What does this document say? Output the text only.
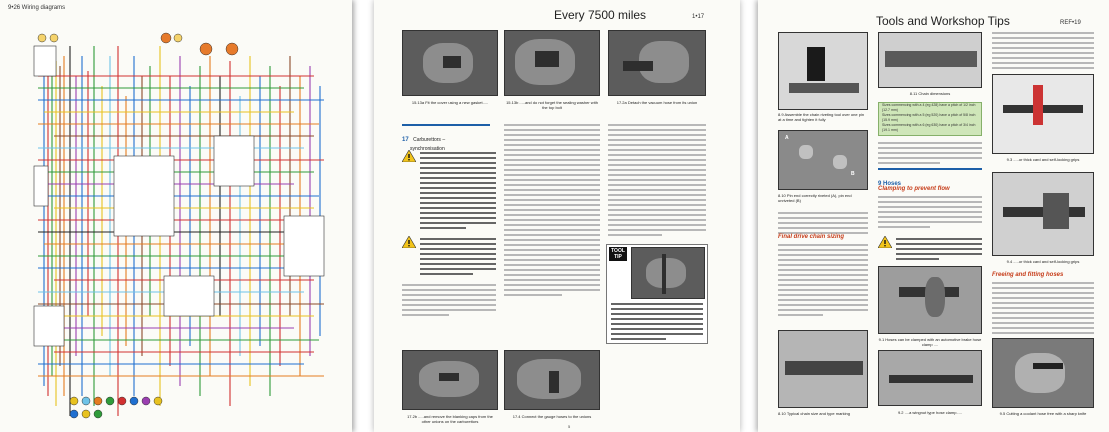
9•26 Wiring diagrams	Every 7500 miles	1•17
15.13a Fit the cover using a new gasket.....	15.13b .....and do not forget the sealing washer with the top bolt
17.2a Detach the vacuum hose from its union
17 Carburettors –
synchronisation
TOOL
TIP
17.2b .....and remove the blanking caps from the other unions on the carburettors
17.4 Connect the gauge hoses to the unions
5
Tools and Workshop Tips	REF•19
8.9 Assemble the chain riveting tool over one pin at a time and tighten it fully
A
B
8.10 Pin end correctly riveted (A), pin end unriveted (B)
Final drive chain sizing
8.10 Typical chain size and type marking
8.11 Chain dimensions
Sizes commencing with a 4 (eg 428) have a pitch of 1/2 inch (12.7 mm)
Sizes commencing with a 5 (eg 520) have a pitch of 5/8 inch (15.9 mm)
Sizes commencing with a 6 (eg 630) have a pitch of 3/4 inch (19.1 mm)
9 Hoses
Clamping to prevent flow
9.1 Hoses can be clamped with an automotive brake hose clamp ....
9.2 ....a wingnut type hose clamp.....
9.3 .....or thick card and self-locking grips
9.4 .....or thick card and self-locking grips
Freeing and fitting hoses
9.5 Cutting a coolant hose free with a sharp knife
